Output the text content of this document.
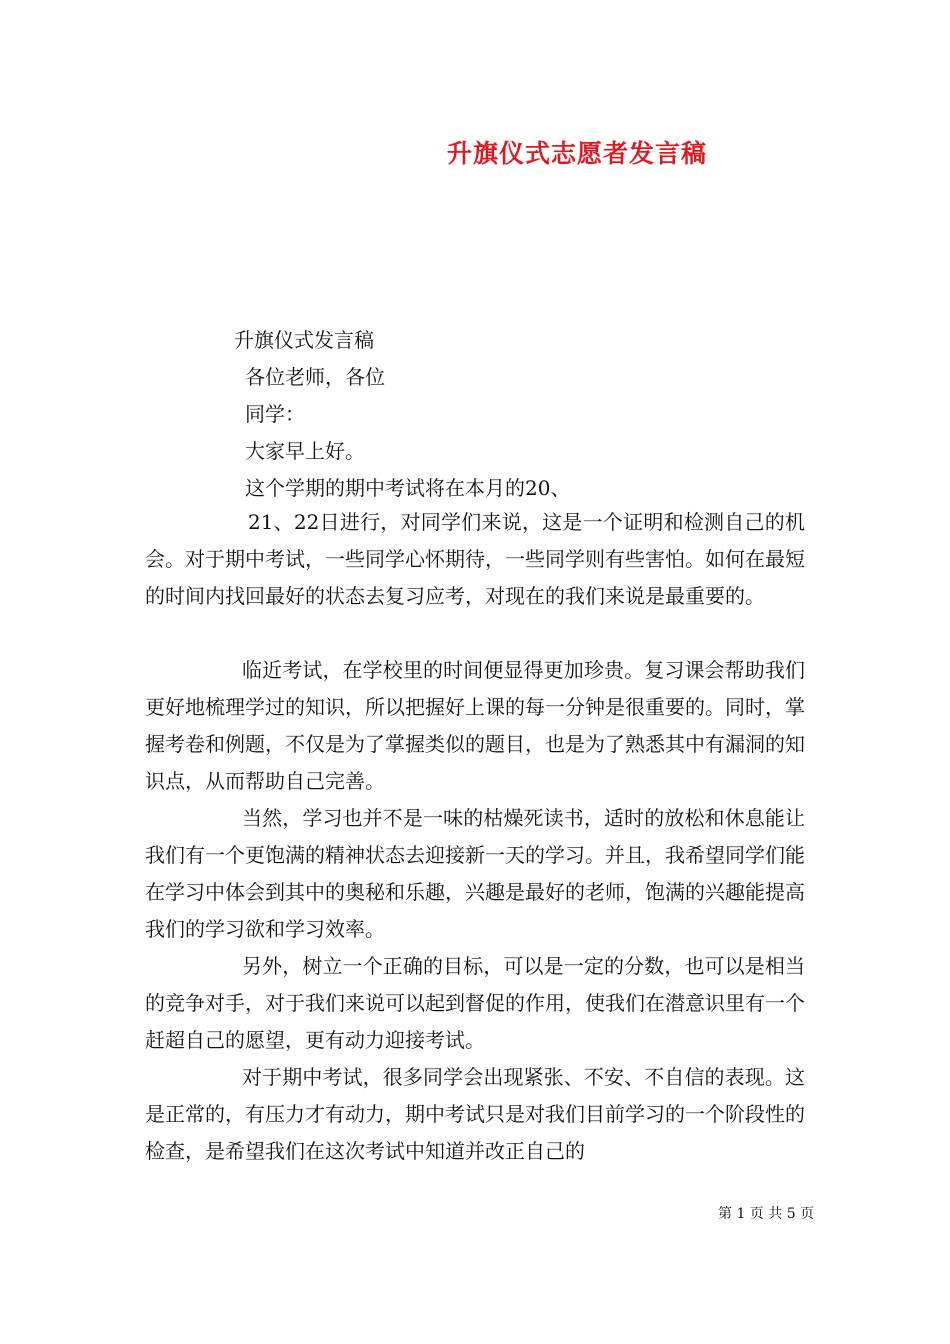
升旗仪式志愿者发言稿
升旗仪式发言稿
各位老师，各位
同学：
大家早上好。
这个学期的期中考试将在本月的20、
21、22日进行，对同学们来说，这是一个证明和检测自己的机会。对于期中考试，一些同学心怀期待，一些同学则有些害怕。如何在最短的时间内找回最好的状态去复习应考，对现在的我们来说是最重要的。
临近考试，在学校里的时间便显得更加珍贵。复习课会帮助我们更好地梳理学过的知识，所以把握好上课的每一分钟是很重要的。同时，掌握考卷和例题，不仅是为了掌握类似的题目，也是为了熟悉其中有漏洞的知识点，从而帮助自己完善。
当然，学习也并不是一味的枯燥死读书，适时的放松和休息能让我们有一个更饱满的精神状态去迎接新一天的学习。并且，我希望同学们能在学习中体会到其中的奥秘和乐趣，兴趣是最好的老师，饱满的兴趣能提高我们的学习欲和学习效率。
另外，树立一个正确的目标，可以是一定的分数，也可以是相当的竞争对手，对于我们来说可以起到督促的作用，使我们在潜意识里有一个赶超自己的愿望，更有动力迎接考试。
对于期中考试，很多同学会出现紧张、不安、不自信的表现。这是正常的，有压力才有动力，期中考试只是对我们目前学习的一个阶段性的检查，是希望我们在这次考试中知道并改正自己的
第 1 页 共 5 页
